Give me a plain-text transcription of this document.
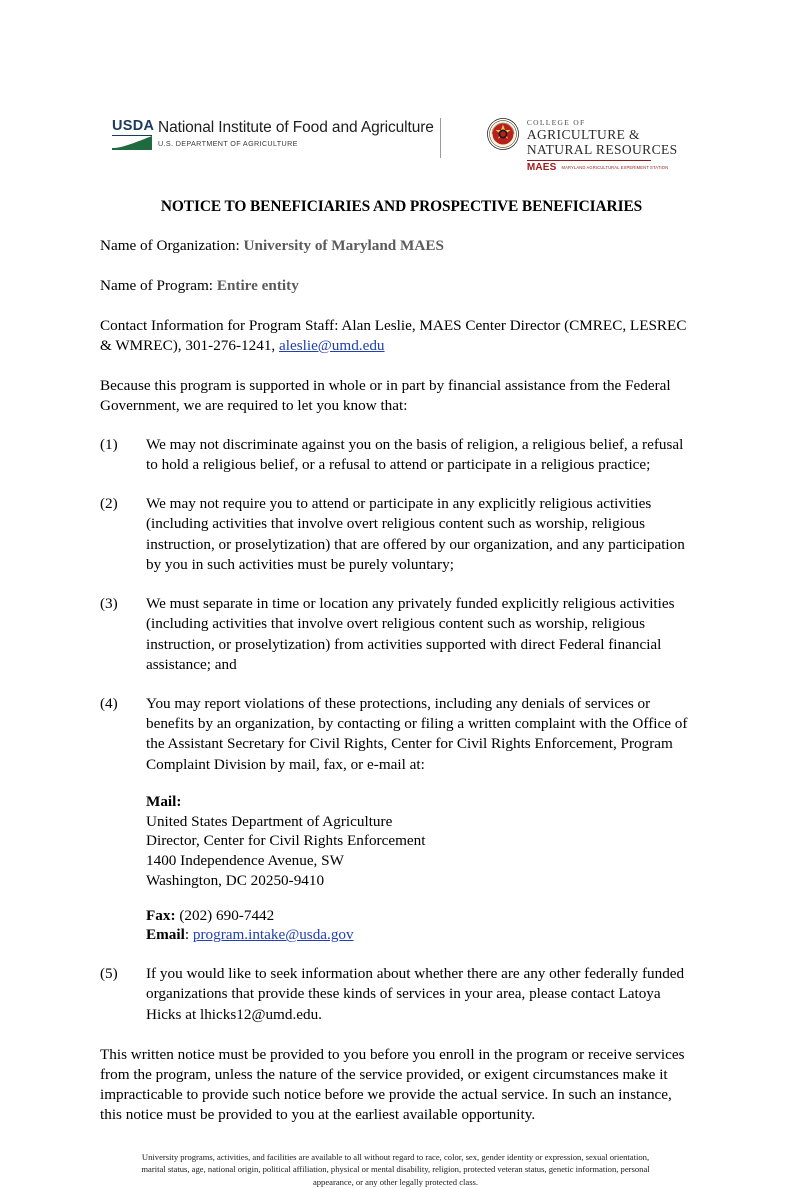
USDA National Institute of Food and Agriculture
U.S. DEPARTMENT OF AGRICULTURE
COLLEGE OF
AGRICULTURE &
NATURAL RESOURCES
MAES MARYLAND AGRICULTURAL EXPERIMENT STATION
NOTICE TO BENEFICIARIES AND PROSPECTIVE BENEFICIARIES
Name of Organization: University of Maryland MAES
Name of Program: Entire entity
Contact Information for Program Staff: Alan Leslie, MAES Center Director (CMREC, LESREC & WMREC), 301-276-1241, aleslie@umd.edu
Because this program is supported in whole or in part by financial assistance from the Federal Government, we are required to let you know that:
(1)	We may not discriminate against you on the basis of religion, a religious belief, a refusal to hold a religious belief, or a refusal to attend or participate in a religious practice;
(2)	We may not require you to attend or participate in any explicitly religious activities (including activities that involve overt religious content such as worship, religious instruction, or proselytization) that are offered by our organization, and any participation by you in such activities must be purely voluntary;
(3)	We must separate in time or location any privately funded explicitly religious activities (including activities that involve overt religious content such as worship, religious instruction, or proselytization) from activities supported with direct Federal financial assistance; and
(4)	You may report violations of these protections, including any denials of services or benefits by an organization, by contacting or filing a written complaint with the Office of the Assistant Secretary for Civil Rights, Center for Civil Rights Enforcement, Program Complaint Division by mail, fax, or e-mail at:
Mail:
United States Department of Agriculture
Director, Center for Civil Rights Enforcement
1400 Independence Avenue, SW
Washington, DC 20250-9410
Fax: (202) 690-7442
Email: program.intake@usda.gov
(5)	If you would like to seek information about whether there are any other federally funded organizations that provide these kinds of services in your area, please contact Latoya Hicks at lhicks12@umd.edu.
This written notice must be provided to you before you enroll in the program or receive services from the program, unless the nature of the service provided, or exigent circumstances make it impracticable to provide such notice before we provide the actual service. In such an instance, this notice must be provided to you at the earliest available opportunity.
University programs, activities, and facilities are available to all without regard to race, color, sex, gender identity or expression, sexual orientation, marital status, age, national origin, political affiliation, physical or mental disability, religion, protected veteran status, genetic information, personal appearance, or any other legally protected class.
